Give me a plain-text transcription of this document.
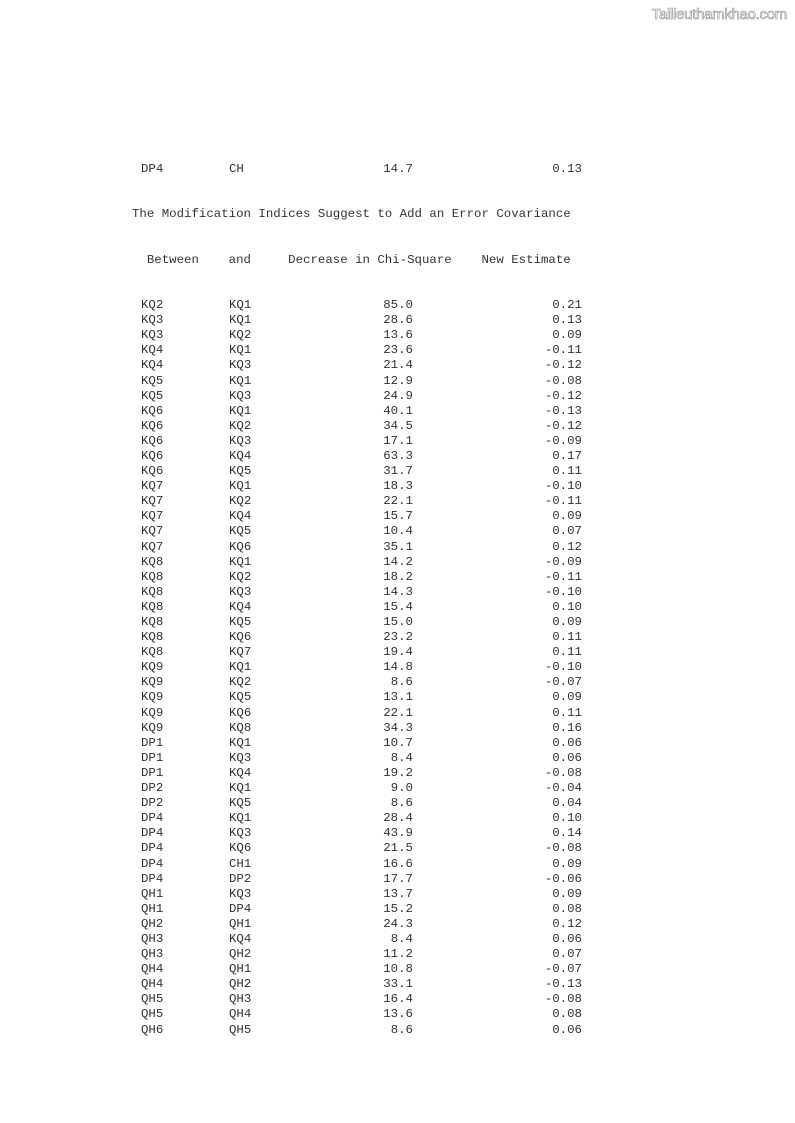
Tailieuthamkhao.com

DP4	CH	14.7	0.13

The Modification Indices Suggest to Add an Error Covariance

Between    and     Decrease in Chi-Square    New Estimate

KQ2	KQ1	85.0	0.21
KQ3	KQ1	28.6	0.13
KQ3	KQ2	13.6	0.09
KQ4	KQ1	23.6	-0.11
KQ4	KQ3	21.4	-0.12
KQ5	KQ1	12.9	-0.08
KQ5	KQ3	24.9	-0.12
KQ6	KQ1	40.1	-0.13
KQ6	KQ2	34.5	-0.12
KQ6	KQ3	17.1	-0.09
KQ6	KQ4	63.3	0.17
KQ6	KQ5	31.7	0.11
KQ7	KQ1	18.3	-0.10
KQ7	KQ2	22.1	-0.11
KQ7	KQ4	15.7	0.09
KQ7	KQ5	10.4	0.07
KQ7	KQ6	35.1	0.12
KQ8	KQ1	14.2	-0.09
KQ8	KQ2	18.2	-0.11
KQ8	KQ3	14.3	-0.10
KQ8	KQ4	15.4	0.10
KQ8	KQ5	15.0	0.09
KQ8	KQ6	23.2	0.11
KQ8	KQ7	19.4	0.11
KQ9	KQ1	14.8	-0.10
KQ9	KQ2	8.6	-0.07
KQ9	KQ5	13.1	0.09
KQ9	KQ6	22.1	0.11
KQ9	KQ8	34.3	0.16
DP1	KQ1	10.7	0.06
DP1	KQ3	8.4	0.06
DP1	KQ4	19.2	-0.08
DP2	KQ1	9.0	-0.04
DP2	KQ5	8.6	0.04
DP4	KQ1	28.4	0.10
DP4	KQ3	43.9	0.14
DP4	KQ6	21.5	-0.08
DP4	CH1	16.6	0.09
DP4	DP2	17.7	-0.06
QH1	KQ3	13.7	0.09
QH1	DP4	15.2	0.08
QH2	QH1	24.3	0.12
QH3	KQ4	8.4	0.06
QH3	QH2	11.2	0.07
QH4	QH1	10.8	-0.07
QH4	QH2	33.1	-0.13
QH5	QH3	16.4	-0.08
QH5	QH4	13.6	0.08
QH6	QH5	8.6	0.06
